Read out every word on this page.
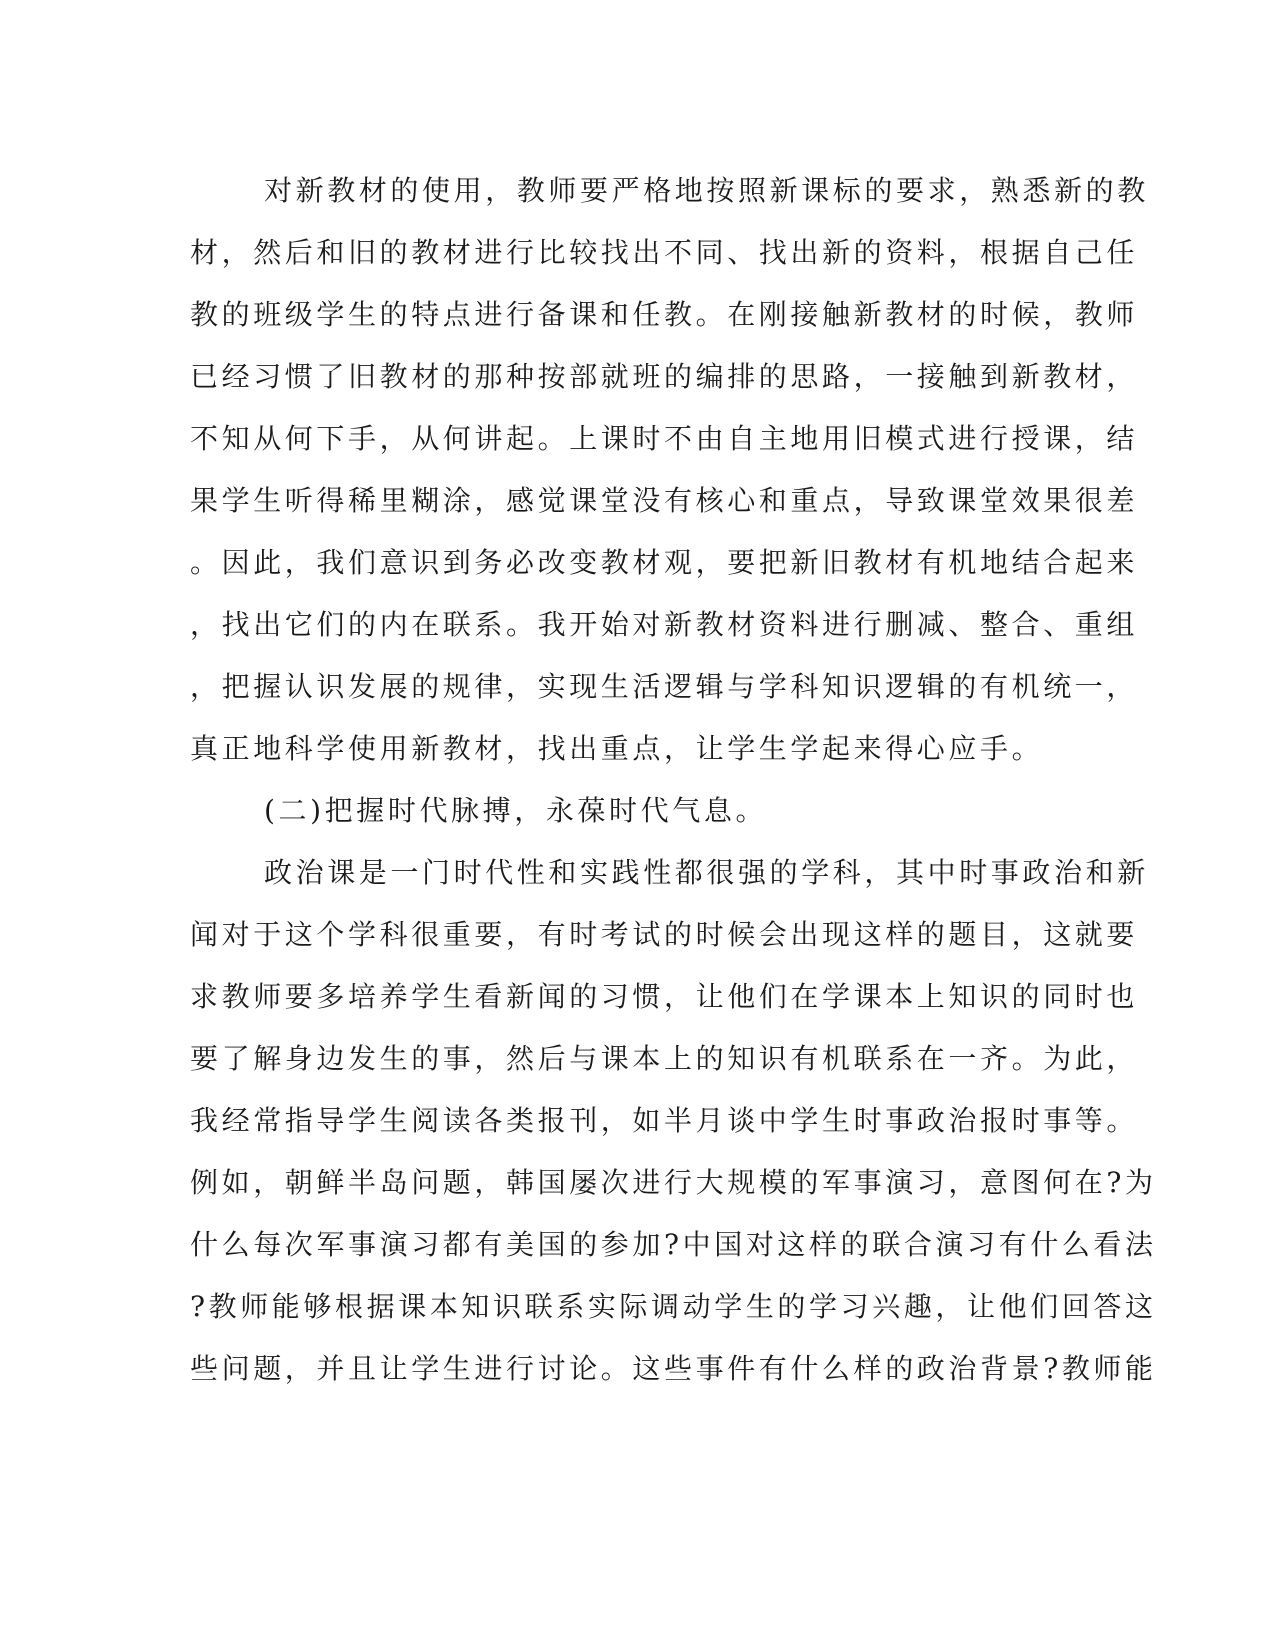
对新教材的使用，教师要严格地按照新课标的要求，熟悉新的教
材，然后和旧的教材进行比较找出不同、找出新的资料，根据自己任
教的班级学生的特点进行备课和任教。在刚接触新教材的时候，教师
已经习惯了旧教材的那种按部就班的编排的思路，一接触到新教材，
不知从何下手，从何讲起。上课时不由自主地用旧模式进行授课，结
果学生听得稀里糊涂，感觉课堂没有核心和重点，导致课堂效果很差
。因此，我们意识到务必改变教材观，要把新旧教材有机地结合起来
，找出它们的内在联系。我开始对新教材资料进行删减、整合、重组
，把握认识发展的规律，实现生活逻辑与学科知识逻辑的有机统一，
真正地科学使用新教材，找出重点，让学生学起来得心应手。
(二)把握时代脉搏，永葆时代气息。
政治课是一门时代性和实践性都很强的学科，其中时事政治和新
闻对于这个学科很重要，有时考试的时候会出现这样的题目，这就要
求教师要多培养学生看新闻的习惯，让他们在学课本上知识的同时也
要了解身边发生的事，然后与课本上的知识有机联系在一齐。为此，
我经常指导学生阅读各类报刊，如半月谈中学生时事政治报时事等。
例如，朝鲜半岛问题，韩国屡次进行大规模的军事演习，意图何在?为
什么每次军事演习都有美国的参加?中国对这样的联合演习有什么看法
?教师能够根据课本知识联系实际调动学生的学习兴趣，让他们回答这
些问题，并且让学生进行讨论。这些事件有什么样的政治背景?教师能
